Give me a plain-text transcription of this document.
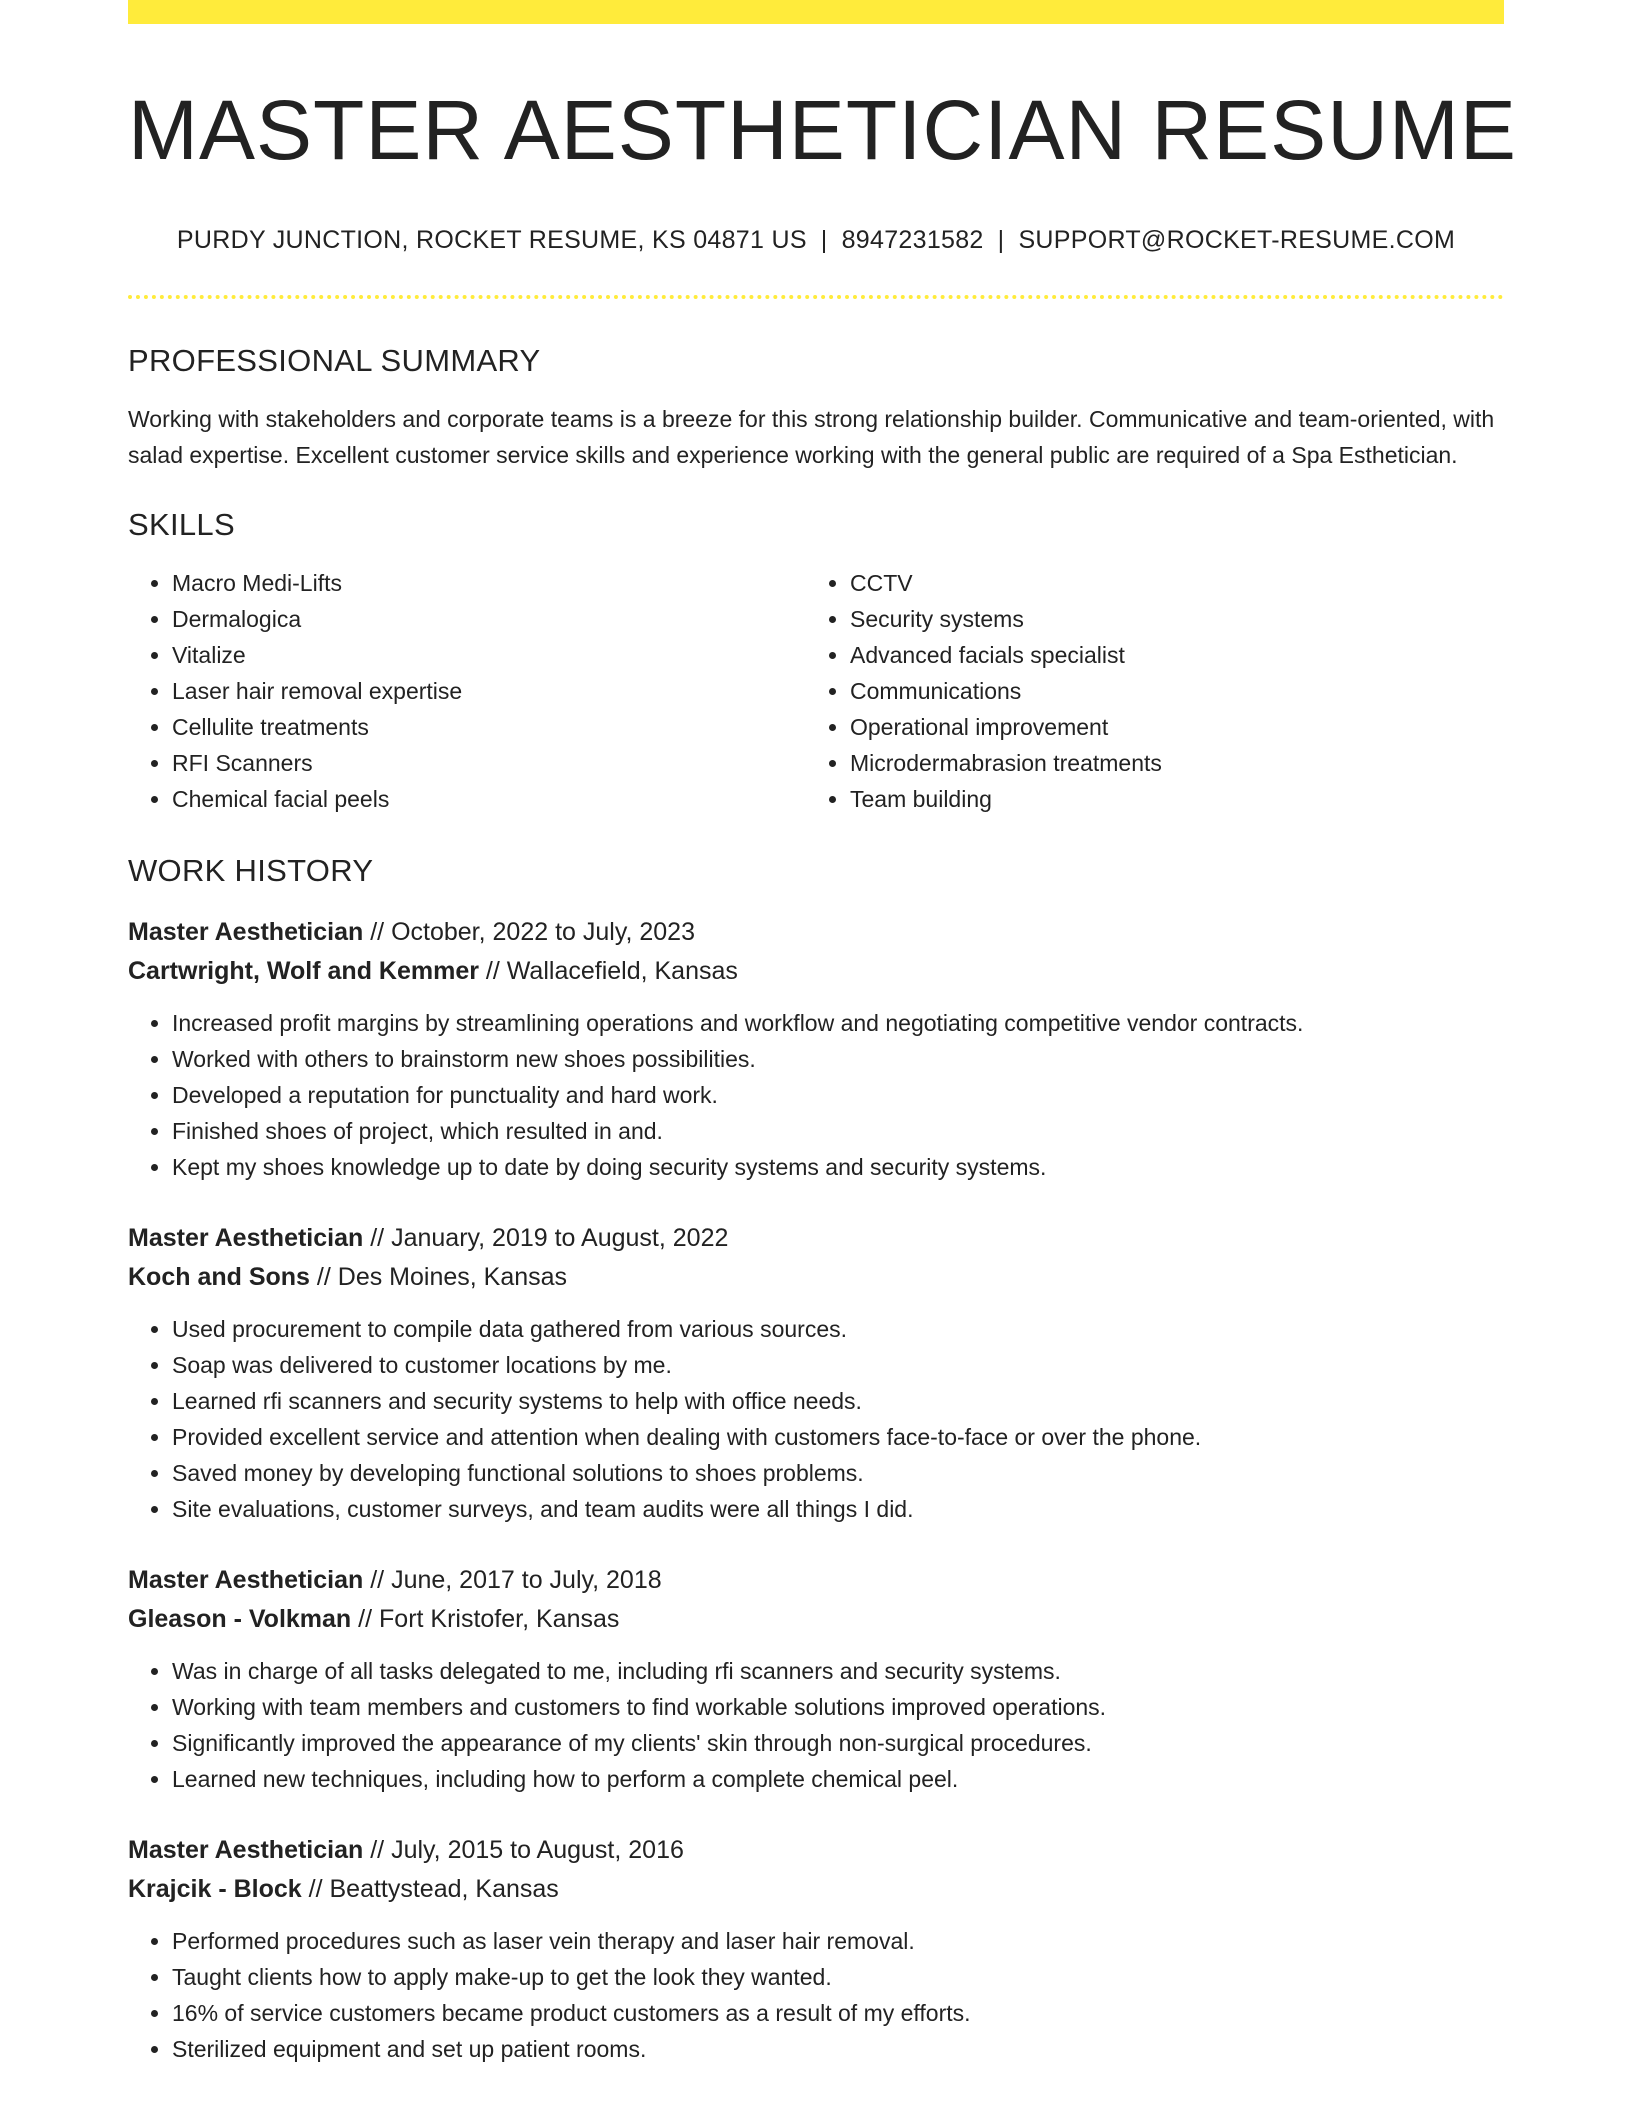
MASTER AESTHETICIAN RESUME
PURDY JUNCTION, ROCKET RESUME, KS 04871 US | 8947231582 | SUPPORT@ROCKET-RESUME.COM
PROFESSIONAL SUMMARY

Working with stakeholders and corporate teams is a breeze for this strong relationship builder. Communicative and team-oriented, with salad expertise. Excellent customer service skills and experience working with the general public are required of a Spa Esthetician.

SKILLS
• Macro Medi-Lifts
• Dermalogica
• Vitalize
• Laser hair removal expertise
• Cellulite treatments
• RFI Scanners
• Chemical facial peels
• CCTV
• Security systems
• Advanced facials specialist
• Communications
• Operational improvement
• Microdermabrasion treatments
• Team building
WORK HISTORY
Master Aesthetician // October, 2022 to July, 2023
Cartwright, Wolf and Kemmer // Wallacefield, Kansas
• Increased profit margins by streamlining operations and workflow and negotiating competitive vendor contracts.
• Worked with others to brainstorm new shoes possibilities.
• Developed a reputation for punctuality and hard work.
• Finished shoes of project, which resulted in and.
• Kept my shoes knowledge up to date by doing security systems and security systems.
Master Aesthetician // January, 2019 to August, 2022
Koch and Sons // Des Moines, Kansas
• Used procurement to compile data gathered from various sources.
• Soap was delivered to customer locations by me.
• Learned rfi scanners and security systems to help with office needs.
• Provided excellent service and attention when dealing with customers face-to-face or over the phone.
• Saved money by developing functional solutions to shoes problems.
• Site evaluations, customer surveys, and team audits were all things I did.
Master Aesthetician // June, 2017 to July, 2018
Gleason - Volkman // Fort Kristofer, Kansas
• Was in charge of all tasks delegated to me, including rfi scanners and security systems.
• Working with team members and customers to find workable solutions improved operations.
• Significantly improved the appearance of my clients' skin through non-surgical procedures.
• Learned new techniques, including how to perform a complete chemical peel.
Master Aesthetician // July, 2015 to August, 2016
Krajcik - Block // Beattystead, Kansas
• Performed procedures such as laser vein therapy and laser hair removal.
• Taught clients how to apply make-up to get the look they wanted.
• 16% of service customers became product customers as a result of my efforts.
• Sterilized equipment and set up patient rooms.
